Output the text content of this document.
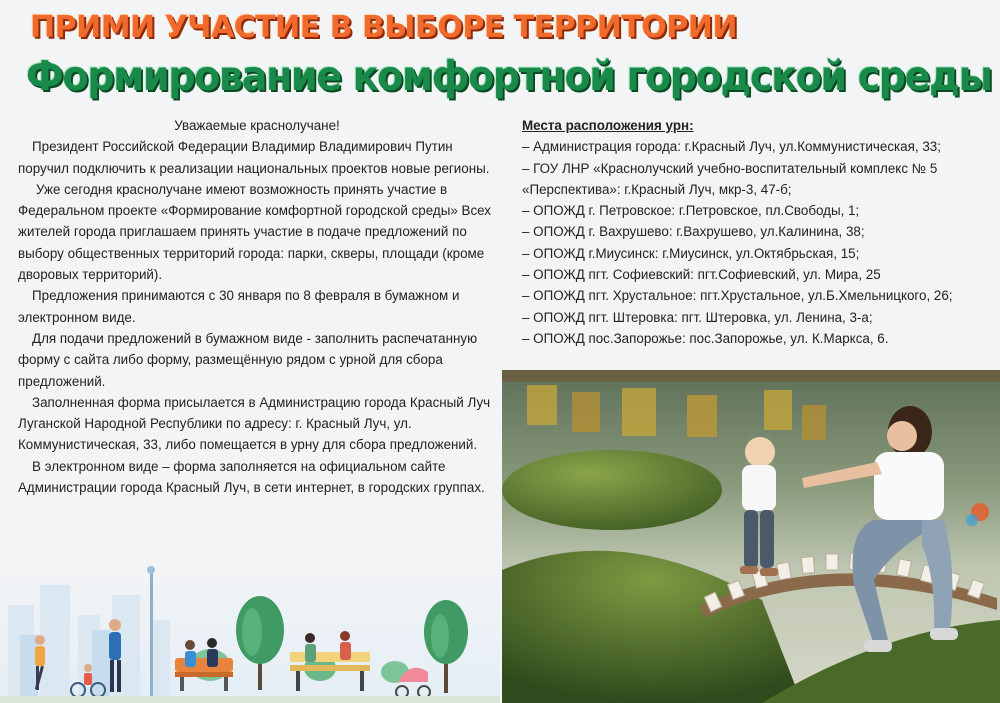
ПРИМИ УЧАСТИЕ В ВЫБОРЕ ТЕРРИТОРИИ
Формирование комфортной городской среды

Уважаемые краснолучане!

Президент Российской Федерации Владимир Владимирович Путин поручил подключить к реализации национальных проектов новые регионы.

Уже сегодня краснолучане имеют возможность принять участие в Федеральном проекте «Формирование комфортной городской среды» Всех жителей города приглашаем принять участие в подаче предложений по выбору общественных территорий города: парки, скверы, площади (кроме дворовых территорий).

Предложения принимаются с 30 января по 8 февраля в бумажном и электронном виде.

Для подачи предложений в бумажном виде - заполнить распечатанную форму с сайта либо форму, размещённую рядом с урной для сбора предложений.

Заполненная форма присылается в Администрацию города Красный Луч Луганской Народной Республики по адресу: г. Красный Луч, ул. Коммунистическая, 33, либо помещается в урну для сбора предложений.

В электронном виде – форма заполняется на официальном сайте Администрации города Красный Луч, в сети интернет, в городских группах.

Места расположения урн:
– Администрация города: г.Красный Луч, ул.Коммунистическая, 33;
– ГОУ ЛНР «Краснолучский учебно-воспитательный комплекс № 5 «Перспектива»: г.Красный Луч, мкр-3, 47-б;
– ОПОЖД г. Петровское: г.Петровское, пл.Свободы, 1;
– ОПОЖД г. Вахрушево: г.Вахрушево, ул.Калинина, 38;
– ОПОЖД г.Миусинск: г.Миусинск, ул.Октябрьская, 15;
– ОПОЖД пгт. Софиевский: пгт.Софиевский, ул. Мира, 25
– ОПОЖД пгт. Хрустальное: пгт.Хрустальное, ул.Б.Хмельницкого, 26;
– ОПОЖД пгт. Штеровка: пгт. Штеровка, ул. Ленина, 3-а;
– ОПОЖД пос.Запорожье: пос.Запорожье, ул. К.Маркса, 6.
